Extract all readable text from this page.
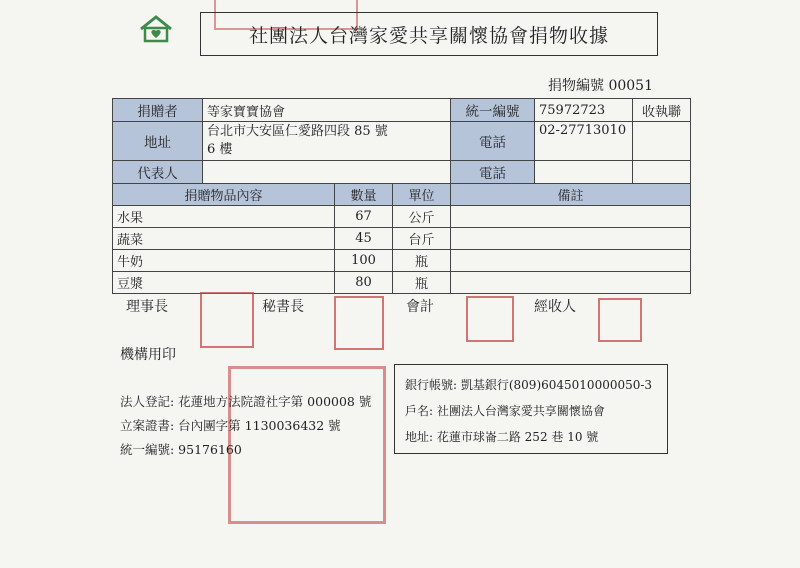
社團法人台灣家愛共享關懷協會捐物收據
捐物編號 00051
捐贈者	等家寶寶協會			統一編號	75972723	收執聯
地址	台北市大安區仁愛路四段 85 號
6 樓			電話	02-27713010	

代表人				電話		
捐贈物品內容		數量	單位	備註		
水果		67	公斤			
蔬菜		45	台斤			
牛奶		100	瓶			
豆漿		80	瓶			
理事長	秘書長	會計	經收人
機構用印
法人登記: 花蓮地方法院證社字第 000008 號
立案證書: 台內團字第 1130036432 號
統一編號: 95176160
銀行帳號: 凱基銀行(809)6045010000050-3
戶名: 社團法人台灣家愛共享關懷協會
地址: 花蓮市球崙二路 252 巷 10 號
